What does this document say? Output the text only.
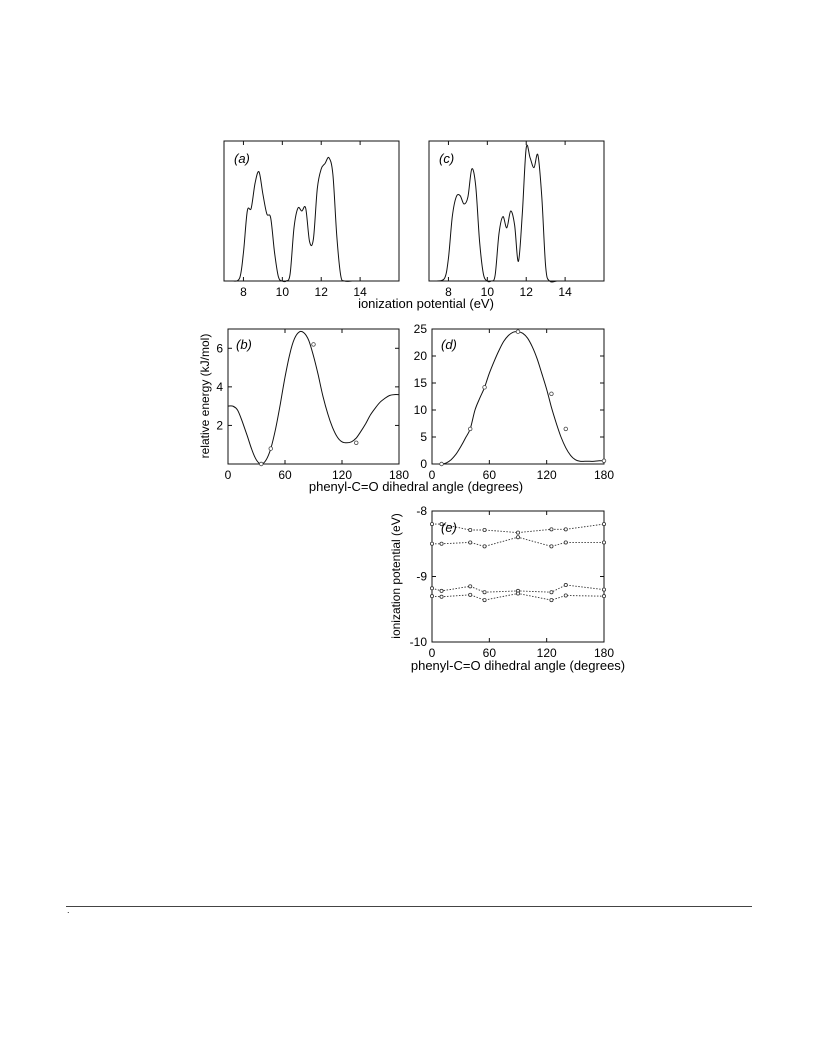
8 10 12 14
(a)
8 10 12 14
(c)
ionization potential (eV)
0	60	120	180
2
4
6 (b)
relative energy (kJ/mol)
0	60	120	180
0
5
10
15
20
25
(d)
phenyl-C=O dihedral angle (degrees)
0	60	120	180
-10
-9
-8
(e)
ionization potential (eV)
phenyl-C=O dihedral angle (degrees)
.
